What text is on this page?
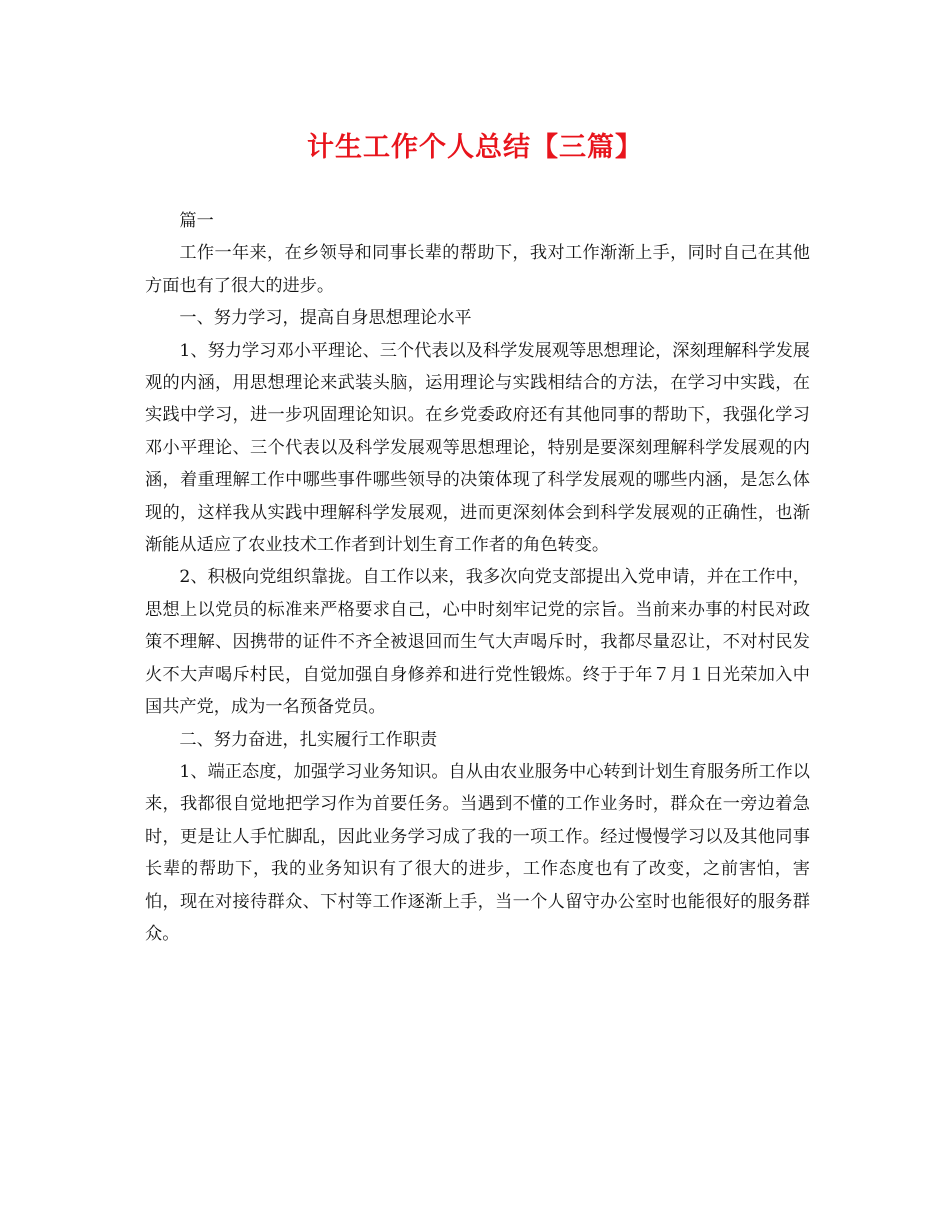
计生工作个人总结【三篇】

篇一

工作一年来，在乡领导和同事长辈的帮助下，我对工作渐渐上手，同时自己在其他方面也有了很大的进步。

一、努力学习，提高自身思想理论水平

1、努力学习邓小平理论、三个代表以及科学发展观等思想理论，深刻理解科学发展观的内涵，用思想理论来武装头脑，运用理论与实践相结合的方法，在学习中实践，在实践中学习，进一步巩固理论知识。在乡党委政府还有其他同事的帮助下，我强化学习邓小平理论、三个代表以及科学发展观等思想理论，特别是要深刻理解科学发展观的内涵，着重理解工作中哪些事件哪些领导的决策体现了科学发展观的哪些内涵，是怎么体现的，这样我从实践中理解科学发展观，进而更深刻体会到科学发展观的正确性，也渐渐能从适应了农业技术工作者到计划生育工作者的角色转变。

2、积极向党组织靠拢。自工作以来，我多次向党支部提出入党申请，并在工作中，思想上以党员的标准来严格要求自己，心中时刻牢记党的宗旨。当前来办事的村民对政策不理解、因携带的证件不齐全被退回而生气大声喝斥时，我都尽量忍让，不对村民发火不大声喝斥村民，自觉加强自身修养和进行党性锻炼。终于于年７月１日光荣加入中国共产党，成为一名预备党员。

二、努力奋进，扎实履行工作职责

1、端正态度，加强学习业务知识。自从由农业服务中心转到计划生育服务所工作以来，我都很自觉地把学习作为首要任务。当遇到不懂的工作业务时，群众在一旁边着急时，更是让人手忙脚乱，因此业务学习成了我的一项工作。经过慢慢学习以及其他同事长辈的帮助下，我的业务知识有了很大的进步，工作态度也有了改变，之前害怕，害怕，现在对接待群众、下村等工作逐渐上手，当一个人留守办公室时也能很好的服务群众。
